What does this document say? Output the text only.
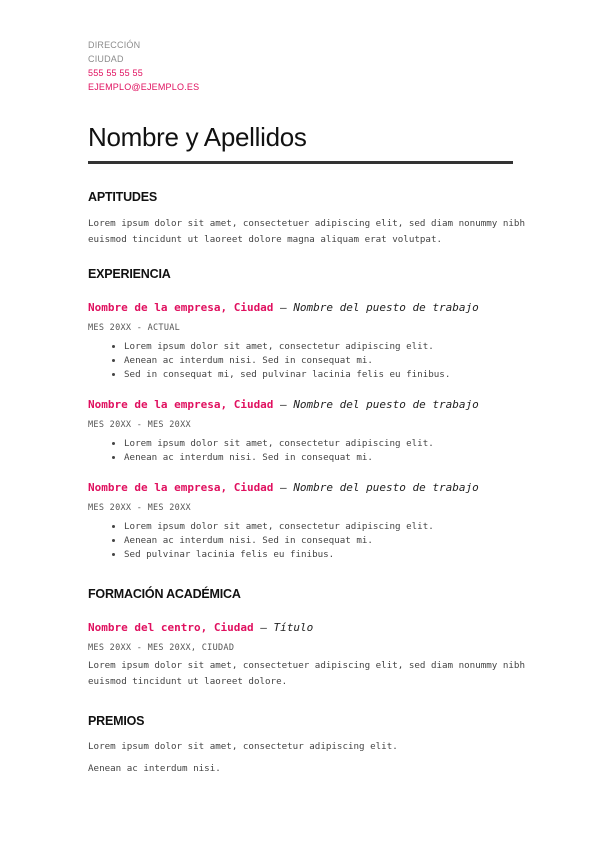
DIRECCIÓN
CIUDAD
555 55 55 55
EJEMPLO@EJEMPLO.ES
Nombre y Apellidos
APTITUDES

Lorem ipsum dolor sit amet, consectetuer adipiscing elit, sed diam nonummy nibh euismod tincidunt ut laoreet dolore magna aliquam erat volutpat.

EXPERIENCIA

Nombre de la empresa, Ciudad — Nombre del puesto de trabajo

MES 20XX - ACTUAL

• Lorem ipsum dolor sit amet, consectetur adipiscing elit.
• Aenean ac interdum nisi. Sed in consequat mi.
• Sed in consequat mi, sed pulvinar lacinia felis eu finibus.

Nombre de la empresa, Ciudad — Nombre del puesto de trabajo

MES 20XX - MES 20XX

• Lorem ipsum dolor sit amet, consectetur adipiscing elit.
• Aenean ac interdum nisi. Sed in consequat mi.

Nombre de la empresa, Ciudad — Nombre del puesto de trabajo

MES 20XX - MES 20XX

• Lorem ipsum dolor sit amet, consectetur adipiscing elit.
• Aenean ac interdum nisi. Sed in consequat mi.
• Sed pulvinar lacinia felis eu finibus.
FORMACIÓN ACADÉMICA

Nombre del centro, Ciudad — Título

MES 20XX - MES 20XX, CIUDAD

Lorem ipsum dolor sit amet, consectetuer adipiscing elit, sed diam nonummy nibh euismod tincidunt ut laoreet dolore.

PREMIOS

Lorem ipsum dolor sit amet, consectetur adipiscing elit.

Aenean ac interdum nisi.
